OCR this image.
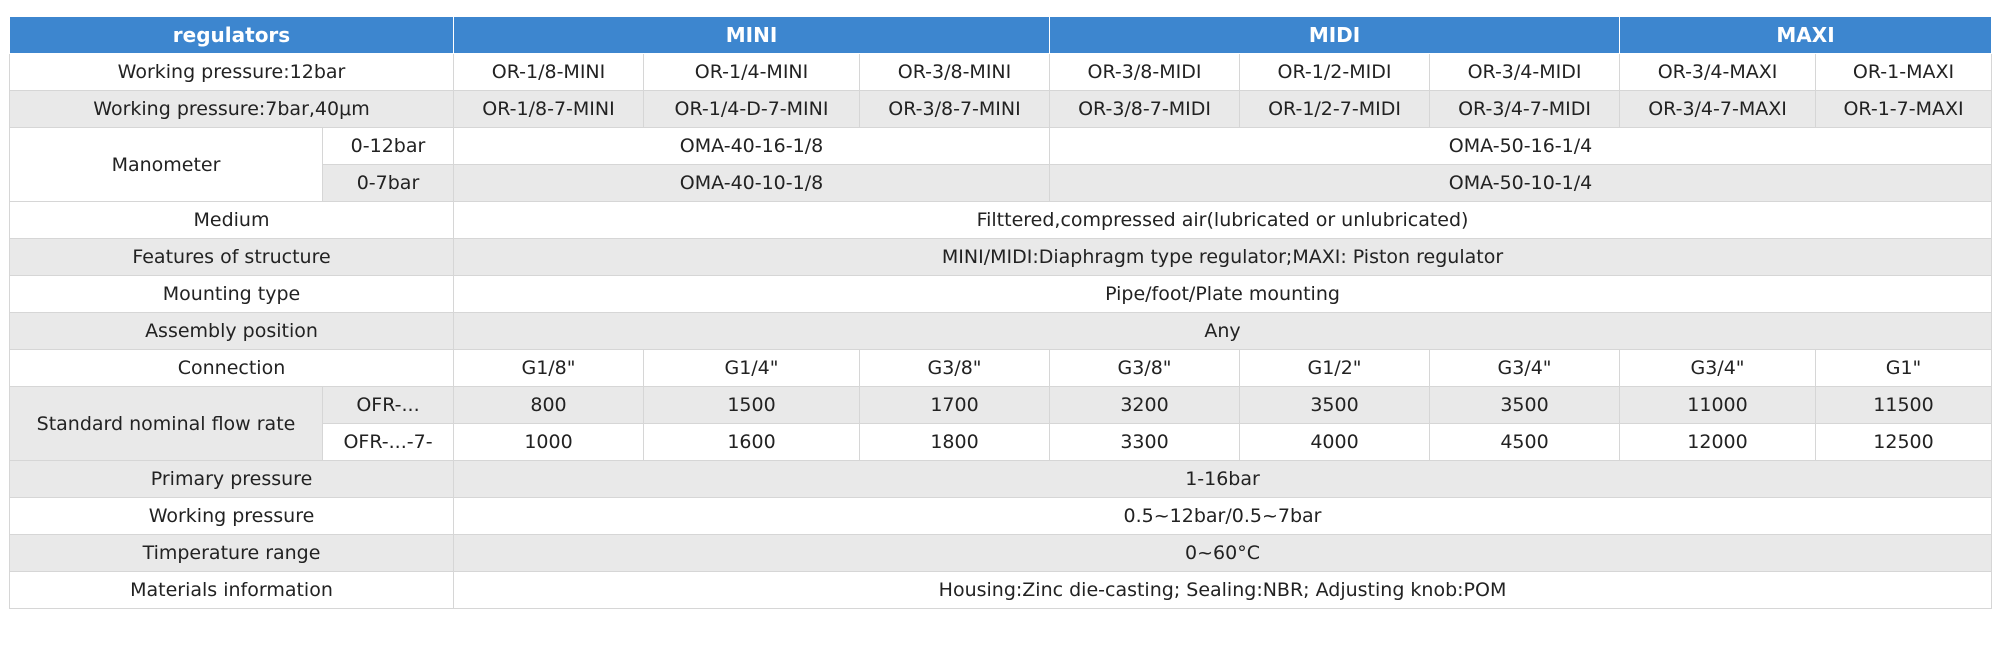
regulators		MINI			MIDI			MAXI	
Working pressure:12bar		OR-1/8-MINI	OR-1/4-MINI	OR-3/8-MINI	OR-3/8-MIDI	OR-1/2-MIDI	OR-3/4-MIDI	OR-3/4-MAXI	OR-1-MAXI
Working pressure:7bar,40μm		OR-1/8-7-MINI	OR-1/4-D-7-MINI	OR-3/8-7-MINI	OR-3/8-7-MIDI	OR-1/2-7-MIDI	OR-3/4-7-MIDI	OR-3/4-7-MAXI	OR-1-7-MAXI
Manometer	0-12bar	OMA-40-16-1/8			OMA-50-16-1/4				
	0-7bar	OMA-40-10-1/8			OMA-50-10-1/4				
Medium		Filttered,compressed air(lubricated or unlubricated)							
Features of structure		MINI/MIDI:Diaphragm type regulator;MAXI: Piston regulator							
Mounting type		Pipe/foot/Plate mounting							
Assembly position		Any							
Connection		G1/8"	G1/4"	G3/8"	G3/8"	G1/2"	G3/4"	G3/4"	G1"
Standard nominal flow rate	OFR-...	800	1500	1700	3200	3500	3500	11000	11500
	OFR-...-7-	1000	1600	1800	3300	4000	4500	12000	12500
Primary pressure		1-16bar							
Working pressure		0.5~12bar/0.5~7bar							
Timperature range		0~60°C							
Materials information		Housing:Zinc die-casting; Sealing:NBR; Adjusting knob:POM							
